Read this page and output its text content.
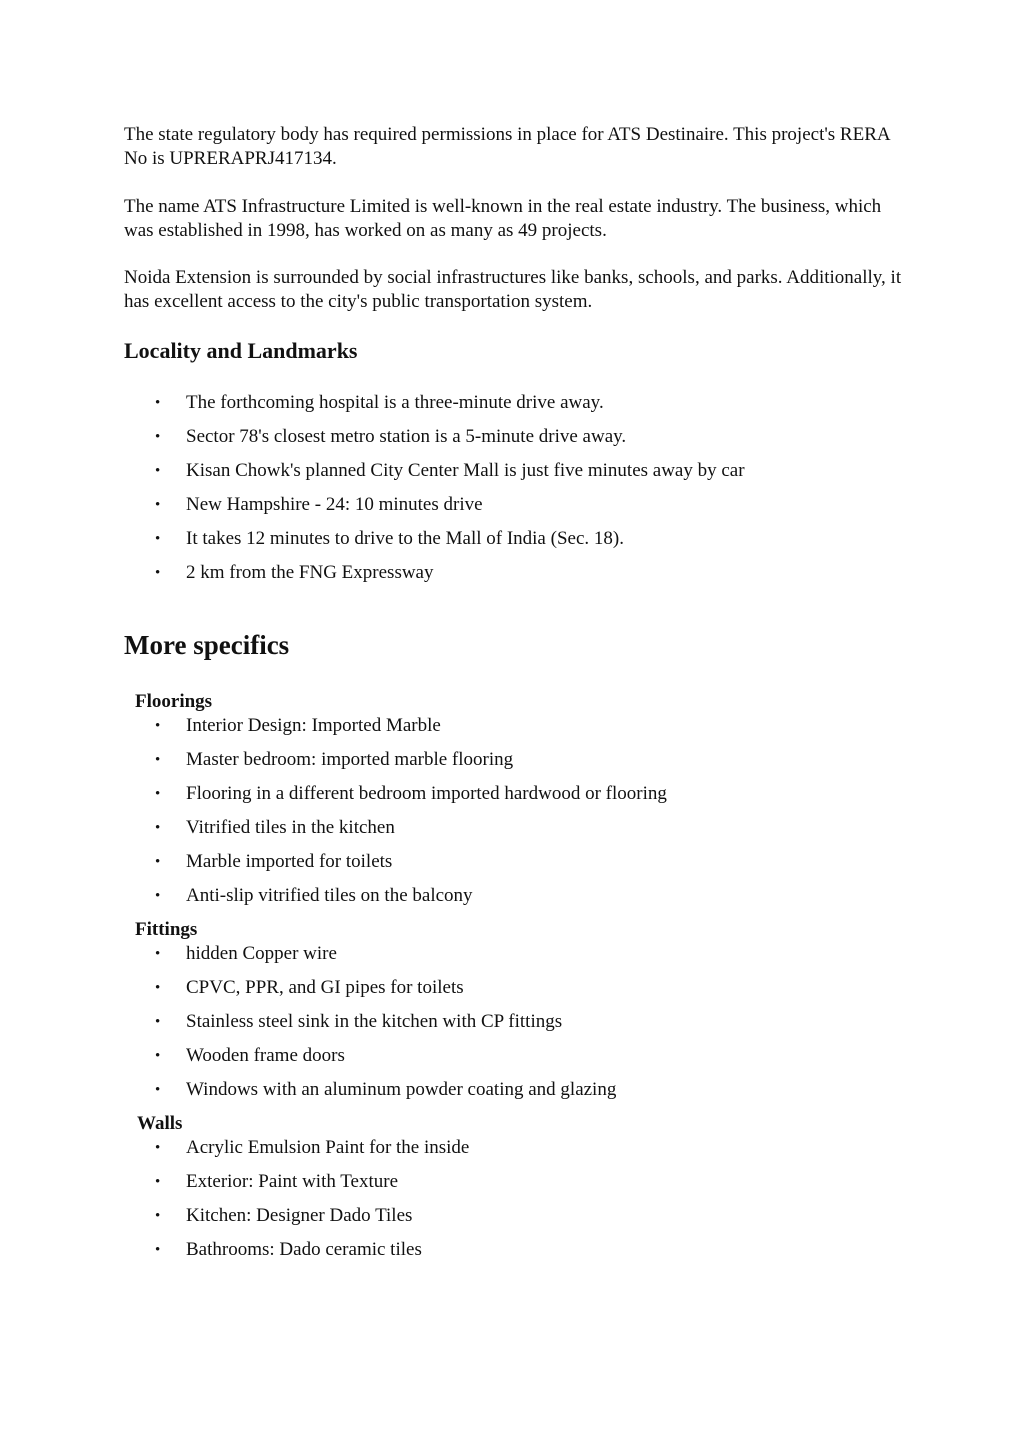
The state regulatory body has required permissions in place for ATS Destinaire. This project's RERA No is UPRERAPRJ417134.

The name ATS Infrastructure Limited is well-known in the real estate industry. The business, which was established in 1998, has worked on as many as 49 projects.

Noida Extension is surrounded by social infrastructures like banks, schools, and parks. Additionally, it has excellent access to the city's public transportation system.

Locality and Landmarks
• The forthcoming hospital is a three-minute drive away.
• Sector 78's closest metro station is a 5-minute drive away.
• Kisan Chowk's planned City Center Mall is just five minutes away by car
• New Hampshire - 24: 10 minutes drive
• It takes 12 minutes to drive to the Mall of India (Sec. 18).
• 2 km from the FNG Expressway
More specifics
Floorings
• Interior Design: Imported Marble
• Master bedroom: imported marble flooring
• Flooring in a different bedroom imported hardwood or flooring
• Vitrified tiles in the kitchen
• Marble imported for toilets
• Anti-slip vitrified tiles on the balcony
Fittings
• hidden Copper wire
• CPVC, PPR, and GI pipes for toilets
• Stainless steel sink in the kitchen with CP fittings
• Wooden frame doors
• Windows with an aluminum powder coating and glazing
Walls
• Acrylic Emulsion Paint for the inside
• Exterior: Paint with Texture
• Kitchen: Designer Dado Tiles
• Bathrooms: Dado ceramic tiles
